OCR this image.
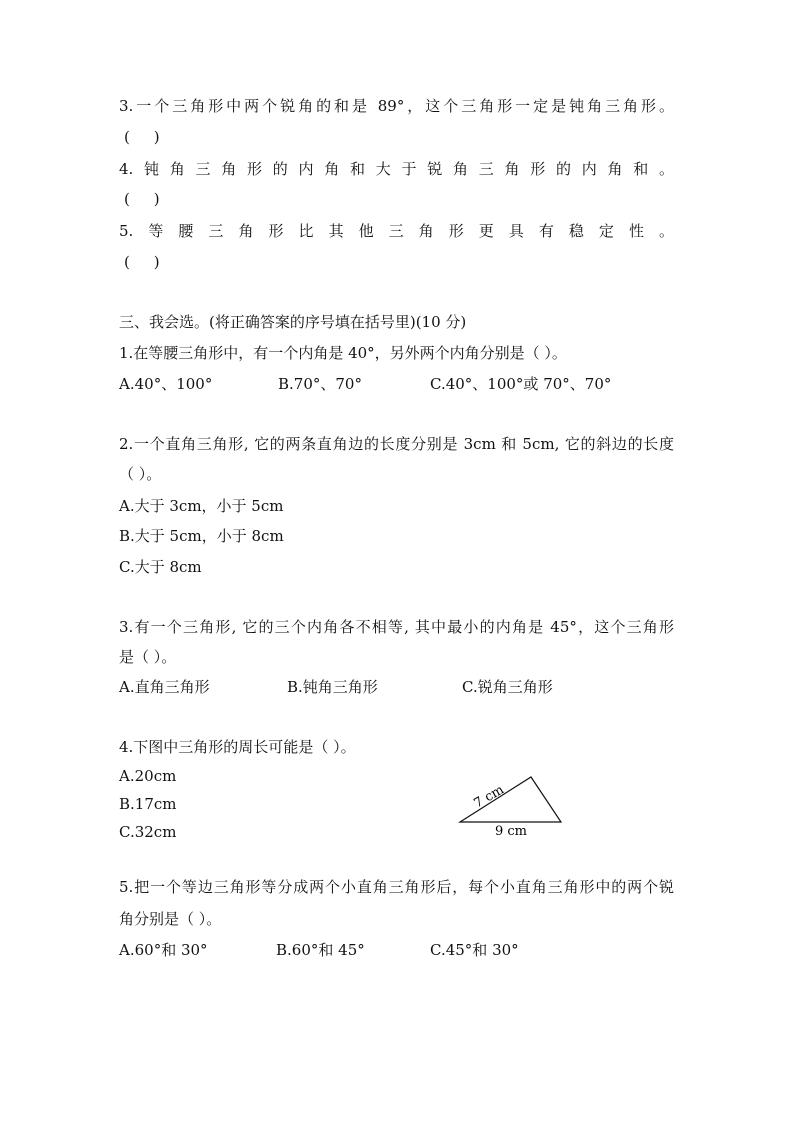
3.一个三角形中两个锐角的和是 89°，这个三角形一定是钝角三角形。
(     )
4.钝角三角形的内角和大于锐角三角形的内角和。
(     )
5.等腰三角形比其他三角形更具有稳定性。
(     )
三、我会选。(将正确答案的序号填在括号里)(10 分)
1.在等腰三角形中，有一个内角是 40°，另外两个内角分别是（ ）。
A.40°、100°	B.70°、70°	C.40°、100°或 70°、70°
2.一个直角三角形, 它的两条直角边的长度分别是 3cm 和 5cm, 它的斜边的长度
（ ）。
A.大于 3cm，小于 5cm
B.大于 5cm，小于 8cm
C.大于 8cm
3.有一个三角形, 它的三个内角各不相等, 其中最小的内角是 45°，这个三角形
是（ ）。
A.直角三角形	B.钝角三角形	C.锐角三角形
4.下图中三角形的周长可能是（ ）。
A.20cm
B.17cm
C.32cm
7 cm
9 cm
5.把一个等边三角形等分成两个小直角三角形后，每个小直角三角形中的两个锐
角分别是（ ）。
A.60°和 30°	B.60°和 45°	C.45°和 30°
